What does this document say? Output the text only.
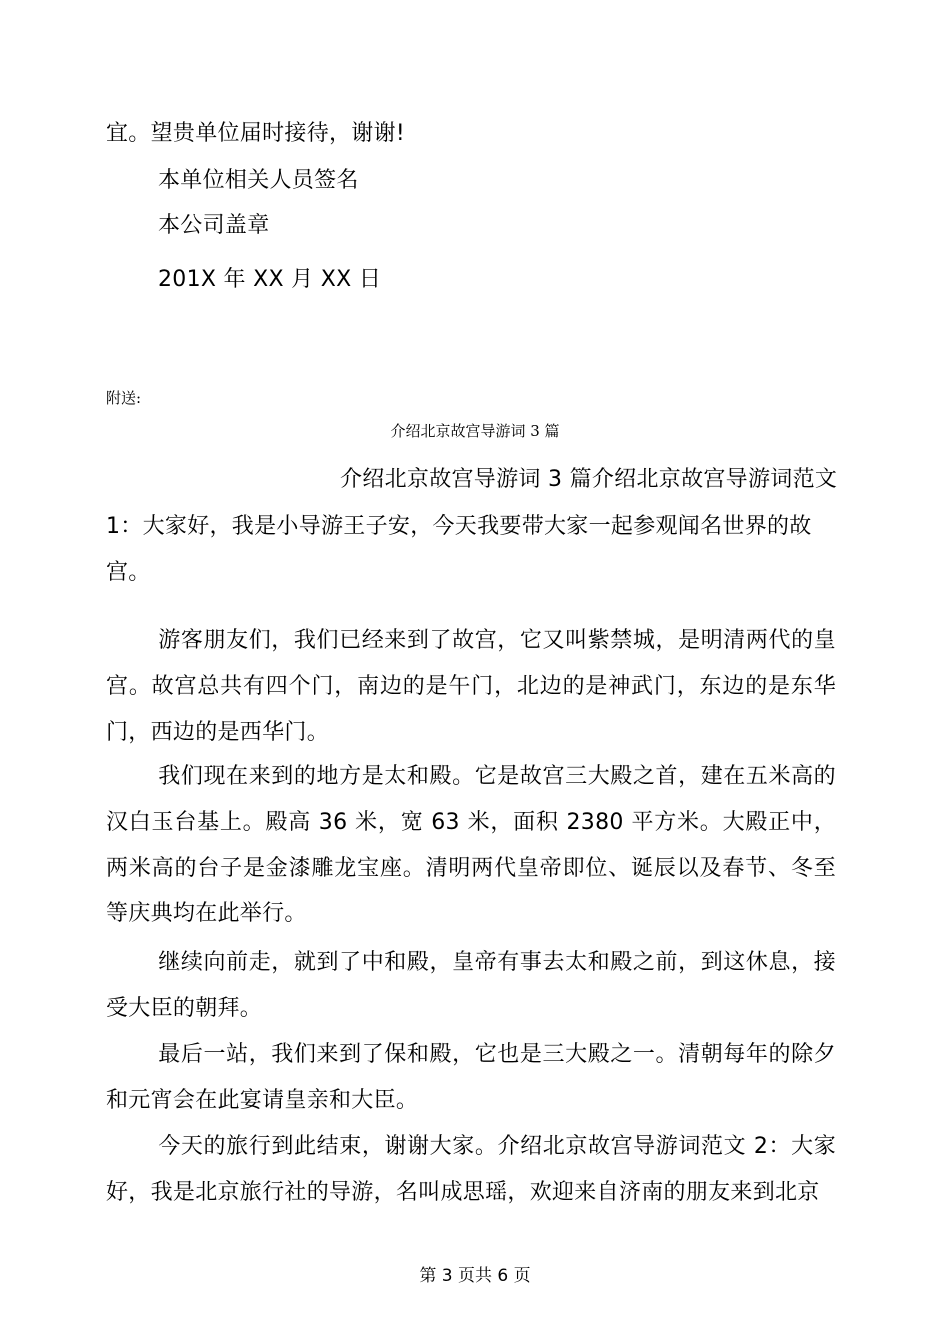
宜。望贵单位届时接待，谢谢!
本单位相关人员签名
本公司盖章
201X 年 XX 月 XX 日
附送:
介绍北京故宫导游词 3 篇
介绍北京故宫导游词 3 篇介绍北京故宫导游词范文
1：大家好，我是小导游王子安，今天我要带大家一起参观闻名世界的故
宫。
游客朋友们，我们已经来到了故宫，它又叫紫禁城，是明清两代的皇宫。故宫总共有四个门，南边的是午门，北边的是神武门，东边的是东华门，西边的是西华门。
我们现在来到的地方是太和殿。它是故宫三大殿之首，建在五米高的汉白玉台基上。殿高 36 米，宽 63 米，面积 2380 平方米。大殿正中，两米高的台子是金漆雕龙宝座。清明两代皇帝即位、诞辰以及春节、冬至等庆典均在此举行。
继续向前走，就到了中和殿，皇帝有事去太和殿之前，到这休息，接受大臣的朝拜。
最后一站，我们来到了保和殿，它也是三大殿之一。清朝每年的除夕和元宵会在此宴请皇亲和大臣。
今天的旅行到此结束，谢谢大家。介绍北京故宫导游词范文 2：大家好，我是北京旅行社的导游，名叫成思瑶，欢迎来自济南的朋友来到北京
第 3 页共 6 页
